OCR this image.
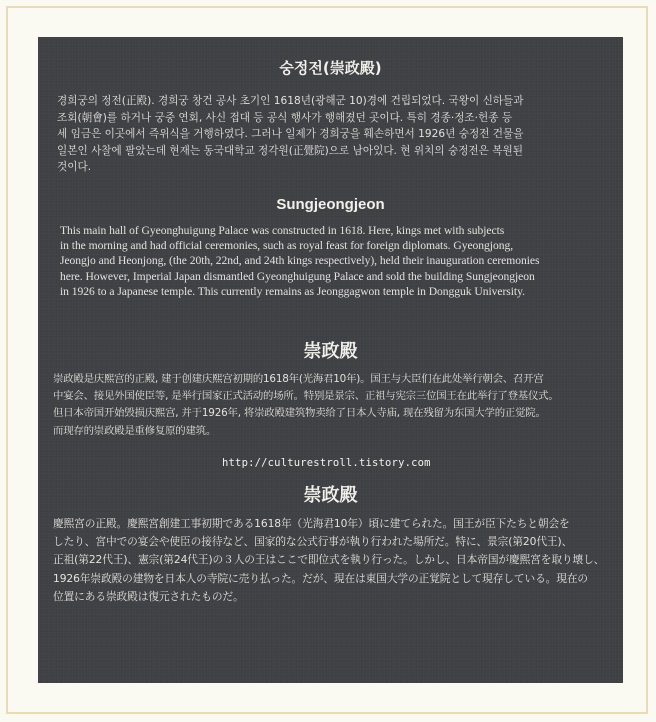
숭정전(崇政殿)

경희궁의 정전(正殿). 경희궁 창건 공사 초기인 1618년(광해군 10)경에 건립되었다. 국왕이 신하들과
조회(朝會)를 하거나 궁중 연회, 사신 접대 등 공식 행사가 행해졌던 곳이다. 특히 경종·정조·헌종 등
세 임금은 이곳에서 즉위식을 거행하였다. 그러나 일제가 경희궁을 훼손하면서 1926년 숭정전 건물을
일본인 사찰에 팔았는데 현재는 동국대학교 정각원(正覺院)으로 남아있다. 현 위치의 숭정전은 복원된
것이다.

Sungjeongjeon

This main hall of Gyeonghuigung Palace was constructed in 1618. Here, kings met with subjects
in the morning and had official ceremonies, such as royal feast for foreign diplomats. Gyeongjong,
Jeongjo and Heonjong, (the 20th, 22nd, and 24th kings respectively), held their inauguration ceremonies
here. However, Imperial Japan dismantled Gyeonghuigung Palace and sold the building Sungjeongjeon
in 1926 to a Japanese temple. This currently remains as Jeonggagwon temple in Dongguk University.

崇政殿

崇政殿是庆熙宫的正殿, 建于创建庆熙宫初期的1618年(光海君10年)。国王与大臣们在此处举行朝会、召开宫
中宴会、接见外国使臣等, 是举行国家正式活动的场所。特别是景宗、正祖与宪宗三位国王在此举行了登基仪式。
但日本帝国开始毁损庆熙宫, 并于1926年, 将崇政殿建筑物卖给了日本人寺庙, 现在残留为东国大学的正觉院。
而现存的崇政殿是重修复原的建筑。

http://culturestroll.tistory.com
崇政殿

慶熙宮の正殿。慶熙宮創建工事初期である1618年（光海君10年）頃に建てられた。国王が臣下たちと朝会を
したり、宮中での宴会や使臣の接待など、国家的な公式行事が執り行われた場所だ。特に、景宗(第20代王)、
正祖(第22代王)、憲宗(第24代王)の３人の王はここで即位式を執り行った。しかし、日本帝国が慶熙宮を取り壊し、
1926年崇政殿の建物を日本人の寺院に売り払った。だが、現在は東国大学の正覚院として現存している。現在の
位置にある崇政殿は復元されたものだ。
